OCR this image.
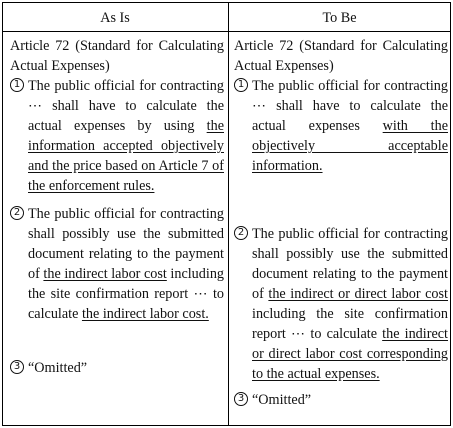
As Is	To Be
Article 72 (Standard for Calculating Actual Expenses)
1 The public official for contracting ⋯ shall have to calculate the actual expenses by using the information accepted objectively and the price based on Article 7 of the enforcement rules.
2 The public official for contracting shall possibly use the submitted document relating to the payment of the indirect labor cost including the site confirmation report ⋯ to calculate the indirect labor cost.
3 “Omitted”
Article 72 (Standard for Calculating Actual Expenses)
1 The public official for contracting ⋯ shall have to calculate the actual expenses with the objectively acceptable information.
2 The public official for contracting shall possibly use the submitted document relating to the payment of the indirect or direct labor cost including the site confirmation report ⋯ to calculate the indirect or direct labor cost corresponding to the actual expenses.
3 “Omitted”
